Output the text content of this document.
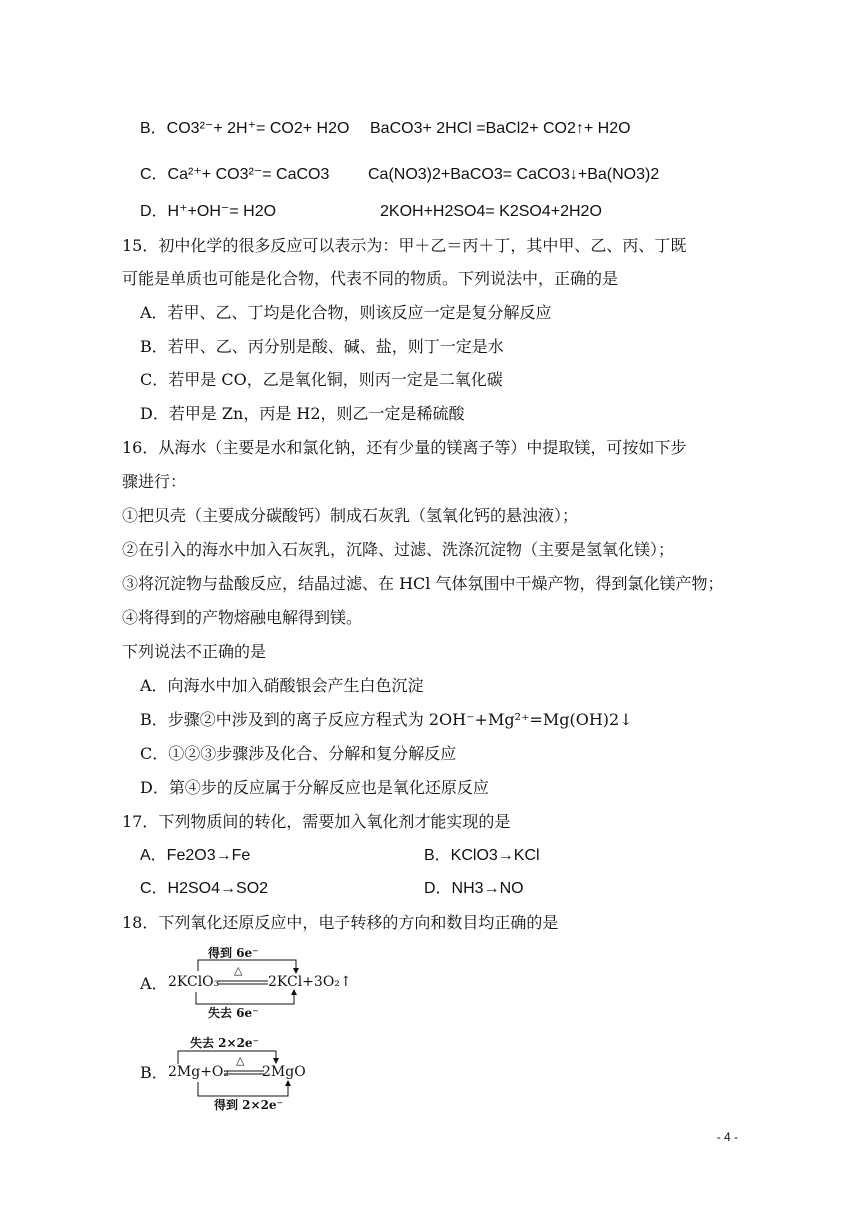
B．CO3²⁻+ 2H⁺= CO2+ H2O BaCO3+ 2HCl =BaCl2+ CO2↑+ H2O
C．Ca²⁺+ CO3²⁻= CaCO3 Ca(NO3)2+BaCO3= CaCO3↓+Ba(NO3)2
D．H⁺+OH⁻= H2O	2KOH+H2SO4= K2SO4+2H2O
15．初中化学的很多反应可以表示为：甲＋乙＝丙＋丁，其中甲、乙、丙、丁既
可能是单质也可能是化合物，代表不同的物质。下列说法中，正确的是
A．若甲、乙、丁均是化合物，则该反应一定是复分解反应
B．若甲、乙、丙分别是酸、碱、盐，则丁一定是水
C．若甲是 CO，乙是氧化铜，则丙一定是二氧化碳
D．若甲是 Zn，丙是 H2，则乙一定是稀硫酸
16．从海水（主要是水和氯化钠，还有少量的镁离子等）中提取镁，可按如下步
骤进行：
①把贝壳（主要成分碳酸钙）制成石灰乳（氢氧化钙的悬浊液）；
②在引入的海水中加入石灰乳，沉降、过滤、洗涤沉淀物（主要是氢氧化镁）；
③将沉淀物与盐酸反应，结晶过滤、在 HCl 气体氛围中干燥产物，得到氯化镁产物；
④将得到的产物熔融电解得到镁。
下列说法不正确的是
A．向海水中加入硝酸银会产生白色沉淀
B．步骤②中涉及到的离子反应方程式为 2OH⁻+Mg²⁺=Mg(OH)2↓
C．①②③步骤涉及化合、分解和复分解反应
D．第④步的反应属于分解反应也是氧化还原反应
17．下列物质间的转化，需要加入氧化剂才能实现的是
A．Fe2O3→Fe	B．KClO3→KCl
C．H2SO4→SO2	D．NH3→NO
18．下列氧化还原反应中，电子转移的方向和数目均正确的是
A．
得到 6e⁻
2KClO₃
△
2KCl+3O₂↑
失去 6e⁻
B．
失去 2×2e⁻
2Mg+O₂
△
2MgO
得到 2×2e⁻
- 4 -
